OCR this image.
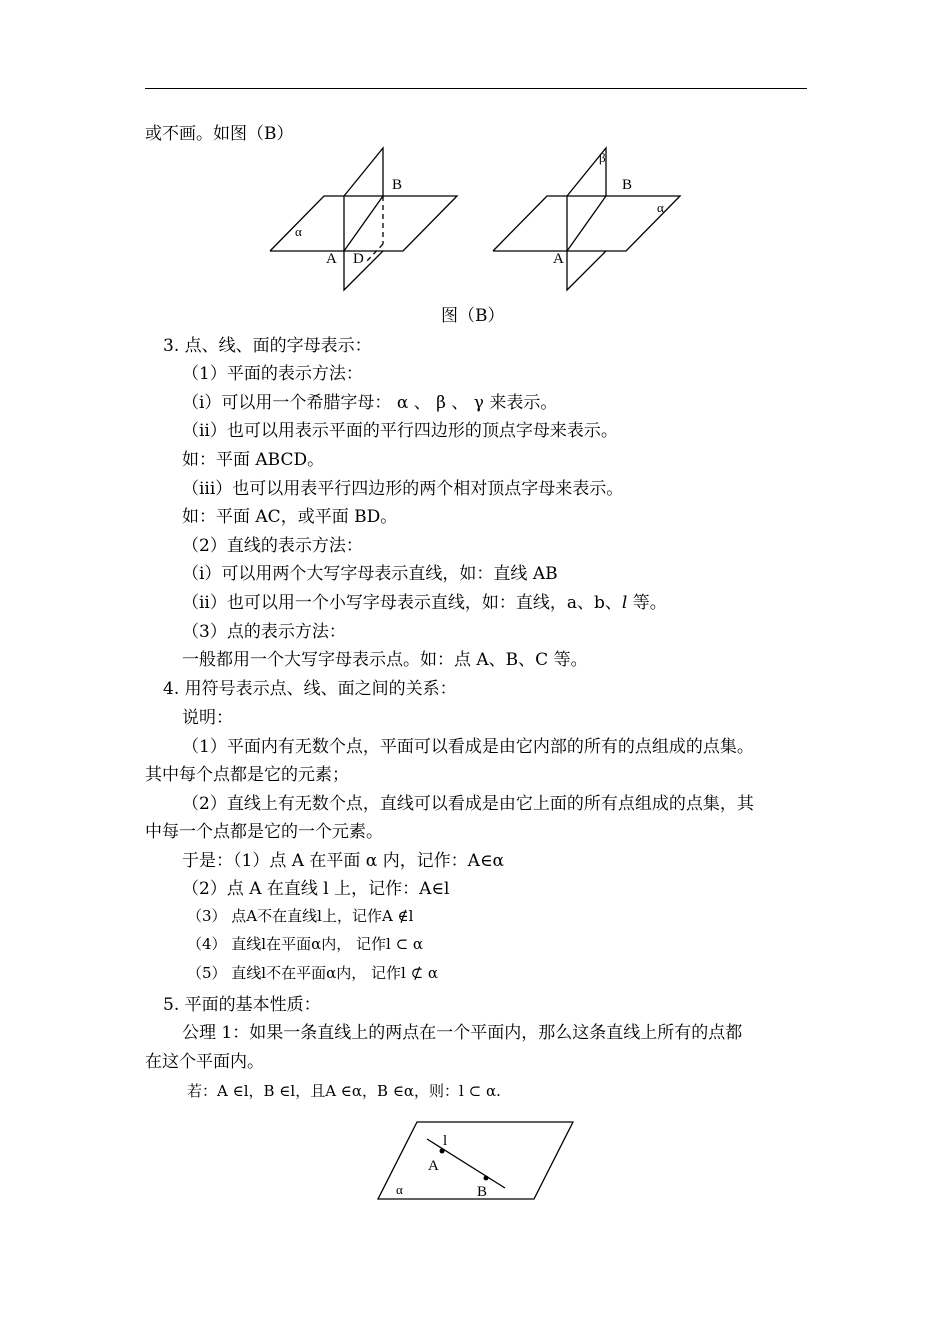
或不画。如图（B）
B
α
A D
β
B
α
A
图（B）
3. 点、线、面的字母表示：
（1）平面的表示方法：
（i）可以用一个希腊字母： α 、 β 、 γ 来表示。
（ii）也可以用表示平面的平行四边形的顶点字母来表示。
如：平面 ABCD。
（iii）也可以用表平行四边形的两个相对顶点字母来表示。
如：平面 AC，或平面 BD。
（2）直线的表示方法：
（i）可以用两个大写字母表示直线，如：直线 AB
（ii）也可以用一个小写字母表示直线，如：直线，a、b、l 等。
（3）点的表示方法：
一般都用一个大写字母表示点。如：点 A、B、C 等。
4. 用符号表示点、线、面之间的关系：
说明：
（1）平面内有无数个点，平面可以看成是由它内部的所有的点组成的点集。
其中每个点都是它的元素；
（2）直线上有无数个点，直线可以看成是由它上面的所有点组成的点集，其
中每一个点都是它的一个元素。
于是：（1）点 A 在平面 α 内，记作：A∈α
（2）点 A 在直线 l 上，记作：A∈l
（3） 点A不在直线l上，记作A ∉l
（4） 直线l在平面α内， 记作l ⊂ α
（5） 直线l不在平面α内， 记作l ⊄ α
5. 平面的基本性质：
公理 1：如果一条直线上的两点在一个平面内，那么这条直线上所有的点都
在这个平面内。
若：A ∈l，B ∈l，且A ∈α，B ∈α，则：l ⊂ α.
l
A
B
α
